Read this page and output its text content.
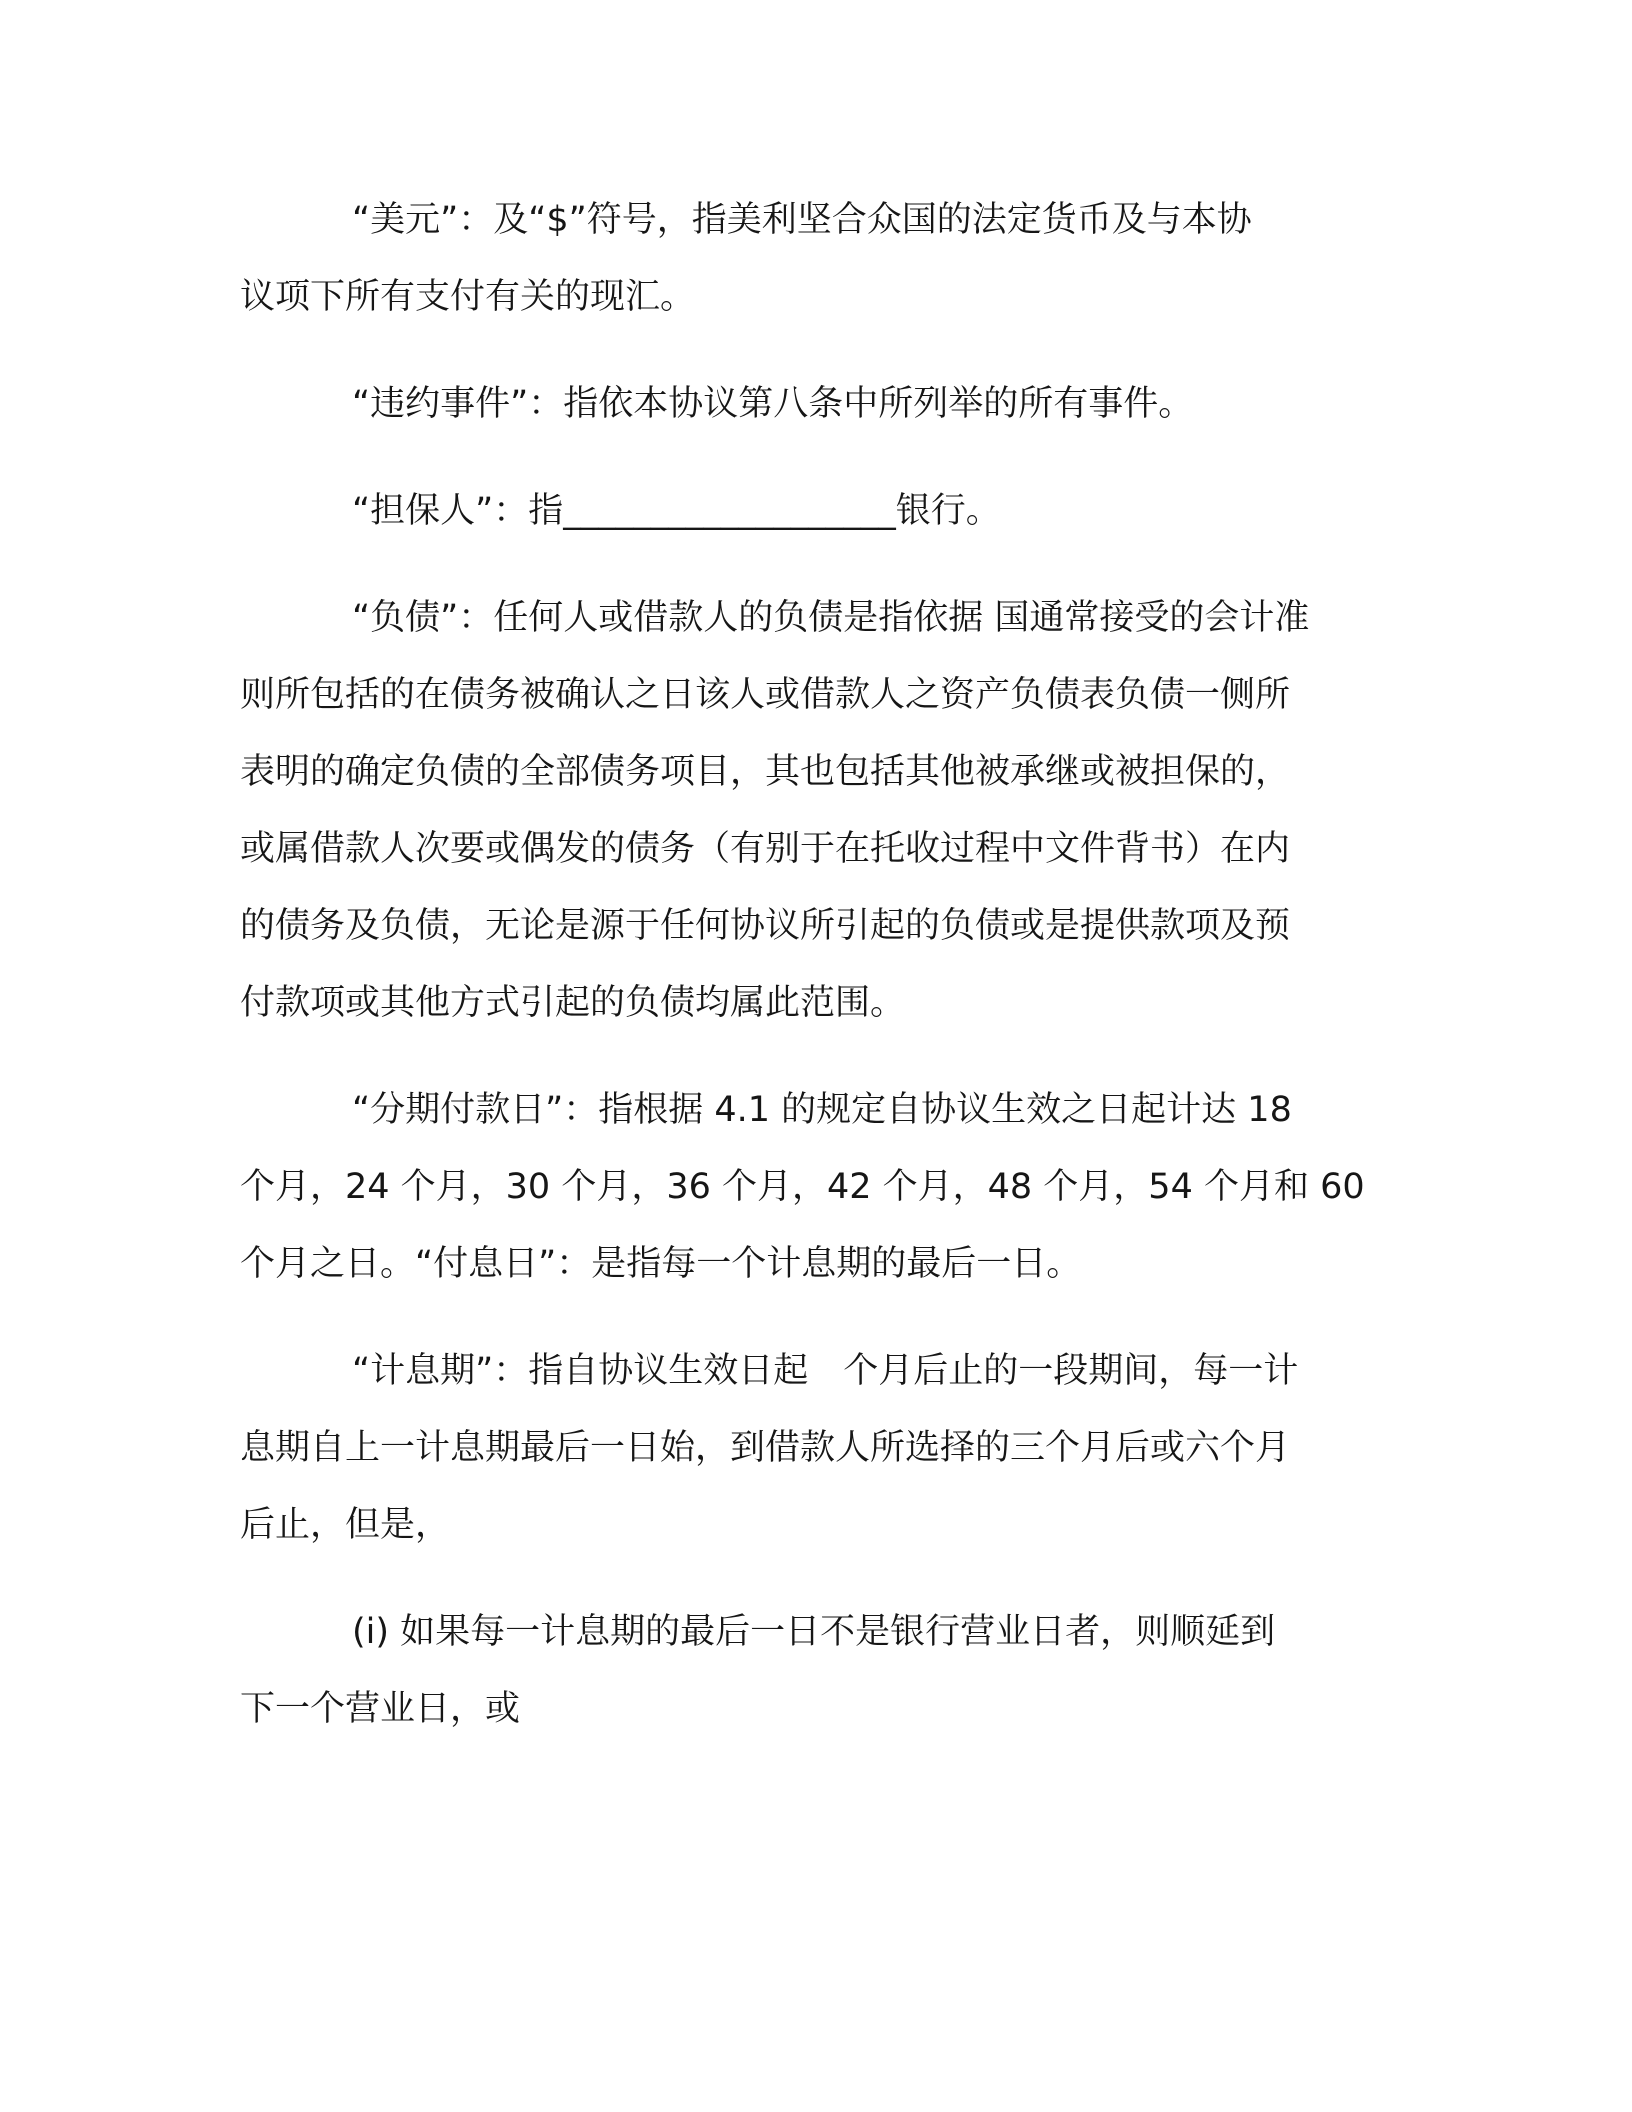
“美元”：及“$”符号，指美利坚合众国的法定货币及与本协
议项下所有支付有关的现汇。
“违约事件”：指依本协议第八条中所列举的所有事件。
“担保人”：指___________________银行。
“负债”：任何人或借款人的负债是指依据 国通常接受的会计准
则所包括的在债务被确认之日该人或借款人之资产负债表负债一侧所
表明的确定负债的全部债务项目，其也包括其他被承继或被担保的，
或属借款人次要或偶发的债务（有别于在托收过程中文件背书）在内
的债务及负债，无论是源于任何协议所引起的负债或是提供款项及预
付款项或其他方式引起的负债均属此范围。
“分期付款日”：指根据 4.1 的规定自协议生效之日起计达 18
个月，24 个月，30 个月，36 个月，42 个月，48 个月，54 个月和 60
个月之日。“付息日”：是指每一个计息期的最后一日。
“计息期”：指自协议生效日起　个月后止的一段期间，每一计
息期自上一计息期最后一日始，到借款人所选择的三个月后或六个月
后止，但是，
(i) 如果每一计息期的最后一日不是银行营业日者，则顺延到
下一个营业日，或
